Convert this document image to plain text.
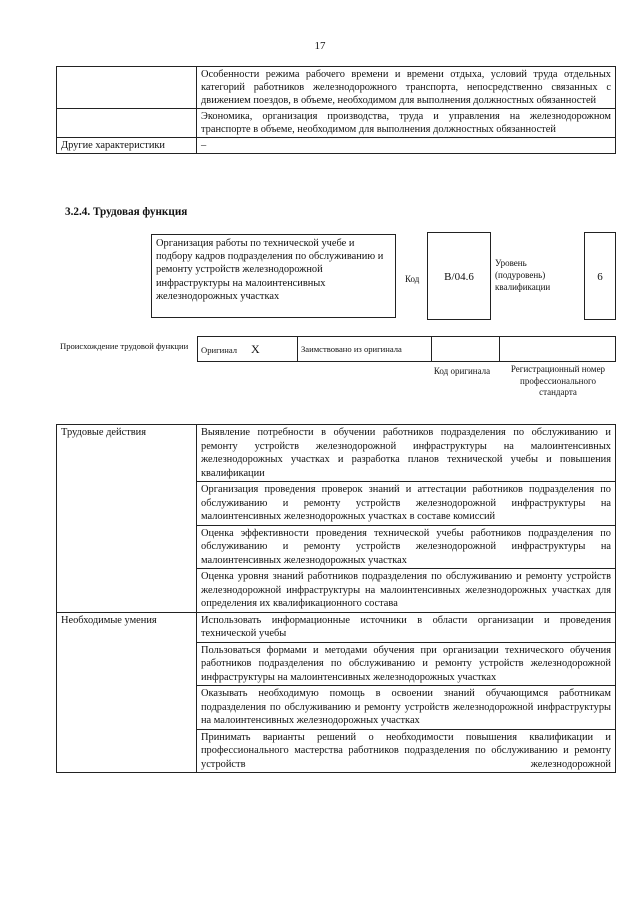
17
	Особенности режима рабочего времени и времени отдыха, условий труда отдельных категорий работников железнодорожного транспорта, непосредственно связанных с движением поездов, в объеме, необходимом для выполнения должностных обязанностей
	Экономика, организация производства, труда и управления на железнодорожном транспорте в объеме, необходимом для выполнения должностных обязанностей
Другие характеристики	–
3.2.4. Трудовая функция
Организация работы по технической учебе и подбору кадров подразделения по обслуживанию и ремонту устройств железнодорожной инфраструктуры на малоинтенсивных железнодорожных участках
Код	B/04.6
Уровень (подуровень) квалификации
6
Происхождение трудовой функции	Оригинал X	Заимствовано из оригинала		
Код оригинала	Регистрационный номер профессионального стандарта
Трудовые действия	Выявление потребности в обучении работников подразделения по обслуживанию и ремонту устройств железнодорожной инфраструктуры на малоинтенсивных железнодорожных участках и разработка планов технической учебы и повышения квалификации
	Организация проведения проверок знаний и аттестации работников подразделения по обслуживанию и ремонту устройств железнодорожной инфраструктуры на малоинтенсивных железнодорожных участках в составе комиссий
	Оценка эффективности проведения технической учебы работников подразделения по обслуживанию и ремонту устройств железнодорожной инфраструктуры на малоинтенсивных железнодорожных участках
	Оценка уровня знаний работников подразделения по обслуживанию и ремонту устройств железнодорожной инфраструктуры на малоинтенсивных железнодорожных участках для определения их квалификационного состава
Необходимые умения	Использовать информационные источники в области организации и проведения технической учебы
	Пользоваться формами и методами обучения при организации технического обучения работников подразделения по обслуживанию и ремонту устройств железнодорожной инфраструктуры на малоинтенсивных железнодорожных участках
	Оказывать необходимую помощь в освоении знаний обучающимся работникам подразделения по обслуживанию и ремонту устройств железнодорожной инфраструктуры на малоинтенсивных железнодорожных участках
	Принимать варианты решений о необходимости повышения квалификации и профессионального мастерства работников подразделения по обслуживанию и ремонту устройств железнодорожной
